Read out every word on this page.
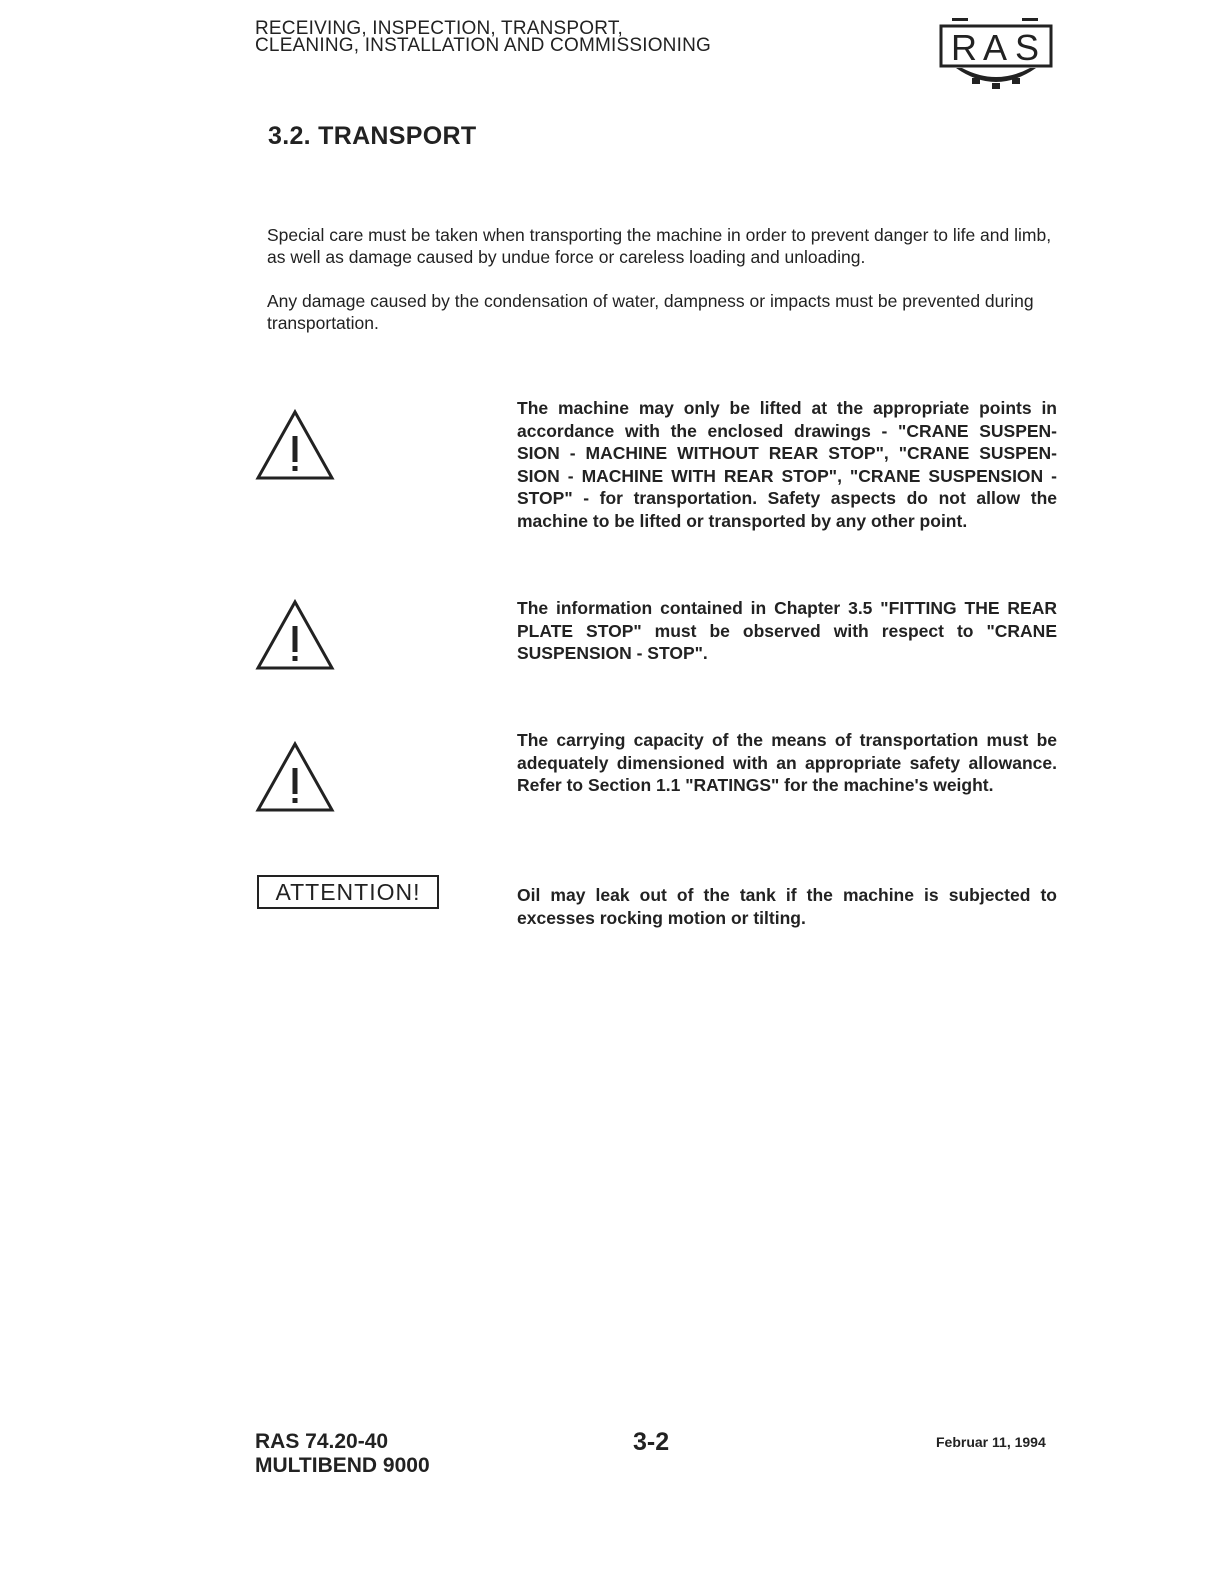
RECEIVING, INSPECTION, TRANSPORT,
CLEANING, INSTALLATION AND COMMISSIONING	R A S
3.2. TRANSPORT

Special care must be taken when transporting the machine in order to prevent danger to life and limb, as well as damage caused by undue force or careless loading and unloading.

Any damage caused by the condensation of water, dampness or impacts must be prevented during transportation.

The machine may only be lifted at the appropriate points in accordance with the enclosed drawings - "CRANE SUSPEN-SION - MACHINE WITHOUT REAR STOP", "CRANE SUSPEN-SION - MACHINE WITH REAR STOP", "CRANE SUSPENSION - STOP" - for transportation. Safety aspects do not allow the machine to be lifted or transported by any other point.

The information contained in Chapter 3.5 "FITTING THE REAR PLATE STOP" must be observed with respect to "CRANE SUSPENSION - STOP".

The carrying capacity of the means of transportation must be adequately dimensioned with an appropriate safety allowance. Refer to Section 1.1 "RATINGS" for the machine's weight.

ATTENTION!	Oil may leak out of the tank if the machine is subjected to excesses rocking motion or tilting.

RAS 74.20-40
MULTIBEND 9000
3-2	Februar 11, 1994
